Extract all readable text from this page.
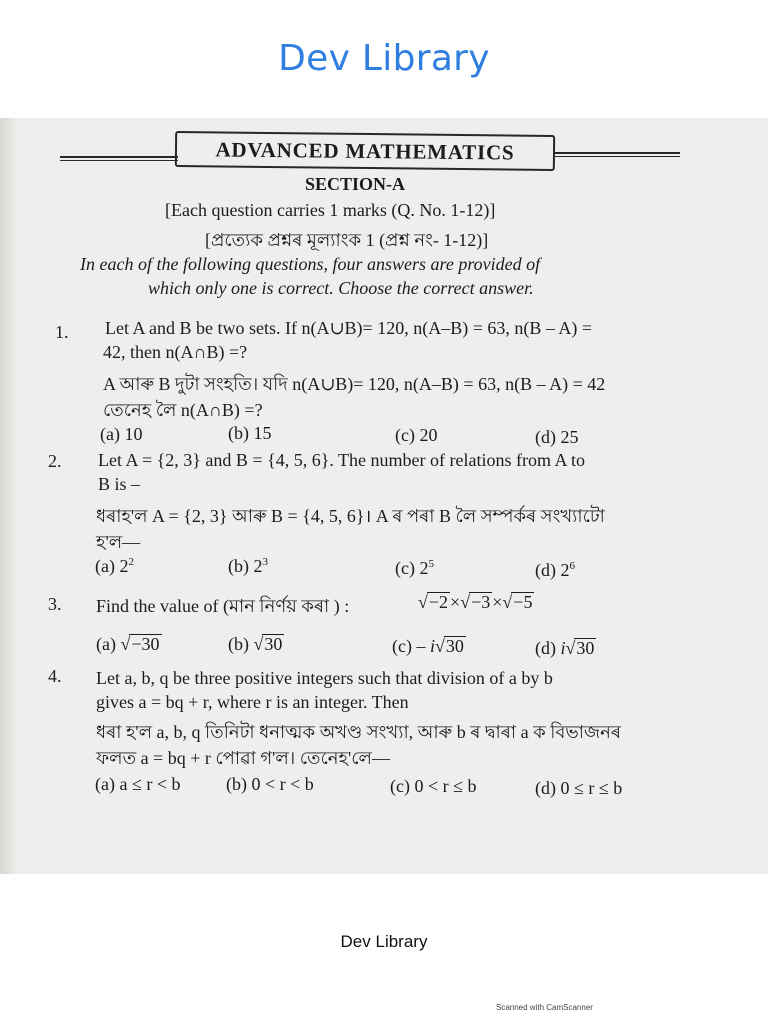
Dev Library
ADVANCED MATHEMATICS
SECTION-A
[Each question carries 1 marks (Q. No. 1-12)]
[প্ৰত্যেক প্ৰশ্নৰ মূল্যাংক 1 (প্ৰশ্ন নং- 1-12)]
In each of the following questions, four answers are provided of
which only one is correct. Choose the correct answer.
1. Let A and B be two sets. If n(A∪B)= 120, n(A–B) = 63, n(B – A) =
42, then n(A∩B) =?
A আৰু B দুটা সংহতি। যদি n(A∪B)= 120, n(A–B) = 63, n(B – A) = 42
তেনেহ লৈ n(A∩B) =?
(a) 10	(b) 15	(c) 20	(d) 25
2. Let A = {2, 3} and B = {4, 5, 6}. The number of relations from A to
B is –
ধৰাহ'ল A = {2, 3} আৰু B = {4, 5, 6}। A ৰ পৰা B লৈ সম্পৰ্কৰ সংখ্যাটো
হ'ল—
(a) $2^2$	(b) $2^3$	(c) $2^5$	(d) $2^6$
3. Find the value of (মান নিৰ্ণয় কৰা ) :	√−2 ×√−3 ×√−5
(a) √−30	(b) √30	(c) – i√30	(d) i√30
4. Let a, b, q be three positive integers such that division of a by b
gives a = bq + r, where r is an integer. Then
ধৰা হ'ল a, b, q তিনিটা ধনাত্মক অখণ্ড সংখ্যা, আৰু b ৰ দ্বাৰা a ক বিভাজনৰ
ফলত a = bq + r পোৱা গ'ল। তেনেহ'লে—
(a) a ≤ r < b	(b) 0 < r < b	(c) 0 < r ≤ b	(d) 0 ≤ r ≤ b
Dev Library
Scanned with CamScanner
